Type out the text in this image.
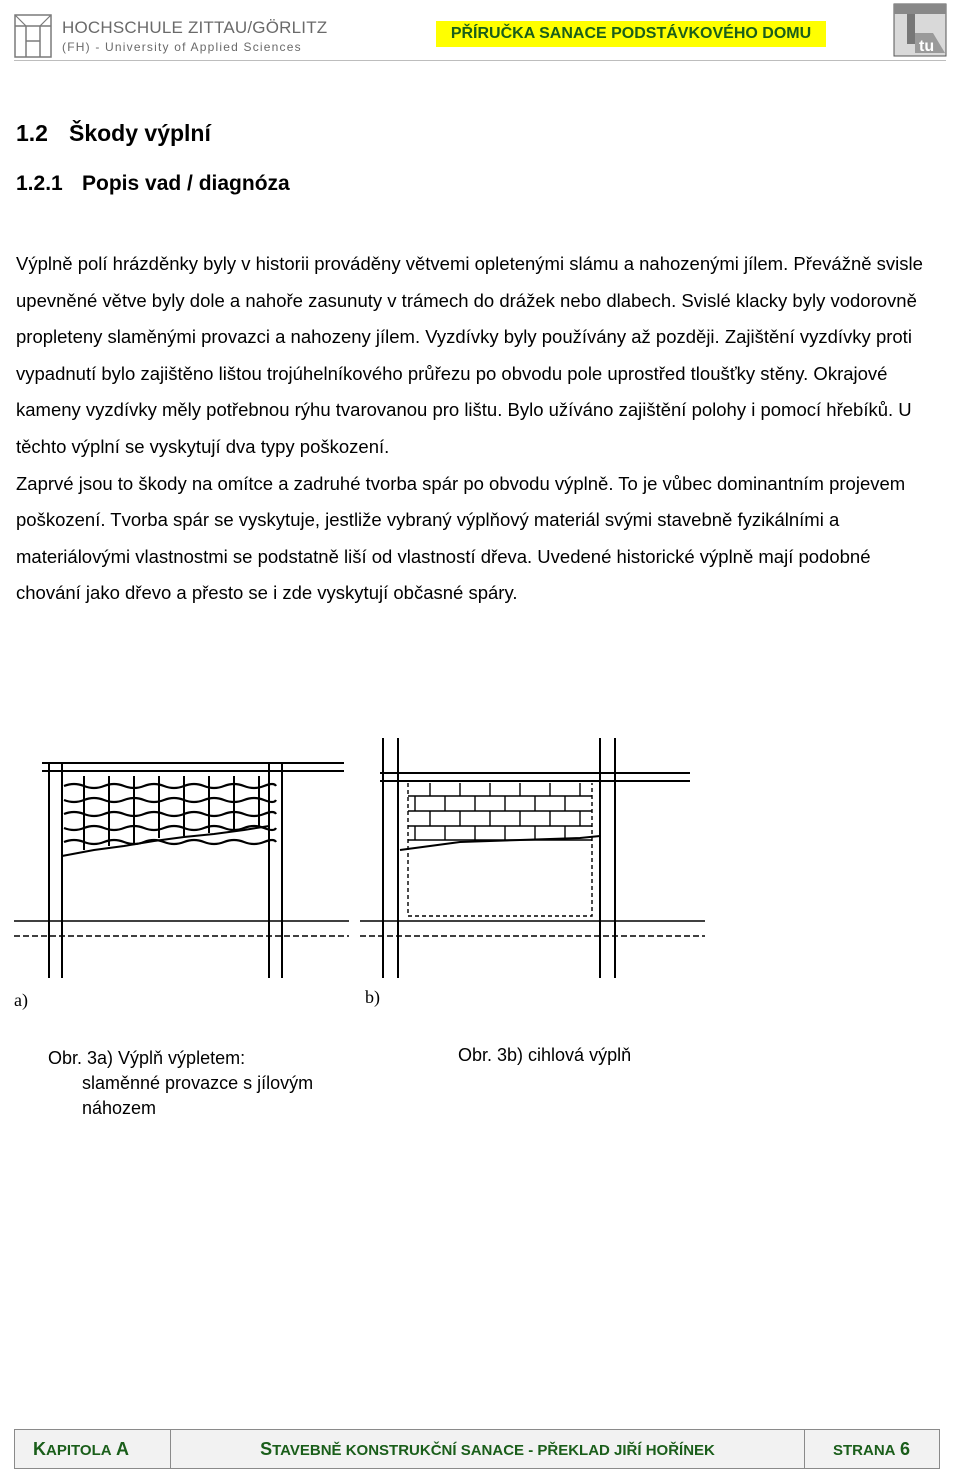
HOCHSCHULE ZITTAU/GÖRLITZ
(FH) - University of Applied Sciences
PŘÍRUČKA SANACE PODSTÁVKOVÉHO DOMU
tu
1.2 Škody výplní
1.2.1 Popis vad / diagnóza

Výplně polí hrázděnky byly v historii prováděny větvemi opletenými slámu a nahozenými jílem. Převážně svisle upevněné větve byly dole a nahoře zasunuty v trámech do drážek nebo dlabech. Svislé klacky byly vodorovně propleteny slaměnými provazci a nahozeny jílem. Vyzdívky byly používány až později. Zajištění vyzdívky proti vypadnutí bylo zajištěno lištou trojúhelníkového průřezu po obvodu pole uprostřed tloušťky stěny. Okrajové kameny vyzdívky měly potřebnou rýhu tvarovanou pro lištu. Bylo užíváno zajištění polohy i pomocí hřebíků. U těchto výplní se vyskytují dva typy poškození.

Zaprvé jsou to škody na omítce a zadruhé tvorba spár po obvodu výplně. To je vůbec dominantním projevem poškození. Tvorba spár se vyskytuje, jestliže vybraný výplňový materiál svými stavebně fyzikálními a materiálovými vlastnostmi se podstatně liší od vlastností dřeva. Uvedené historické výplně mají podobné chování jako dřevo a přesto se i zde vyskytují občasné spáry.

a)	b)
Obr. 3a) Výplň výpletem:
slaměnné provazce s jílovým
náhozem
Obr. 3b) cihlová výplň
KAPITOLA A	STAVEBNĚ KONSTRUKČNÍ SANACE - PŘEKLAD JIŘÍ HOŘÍNEK	STRANA 6
